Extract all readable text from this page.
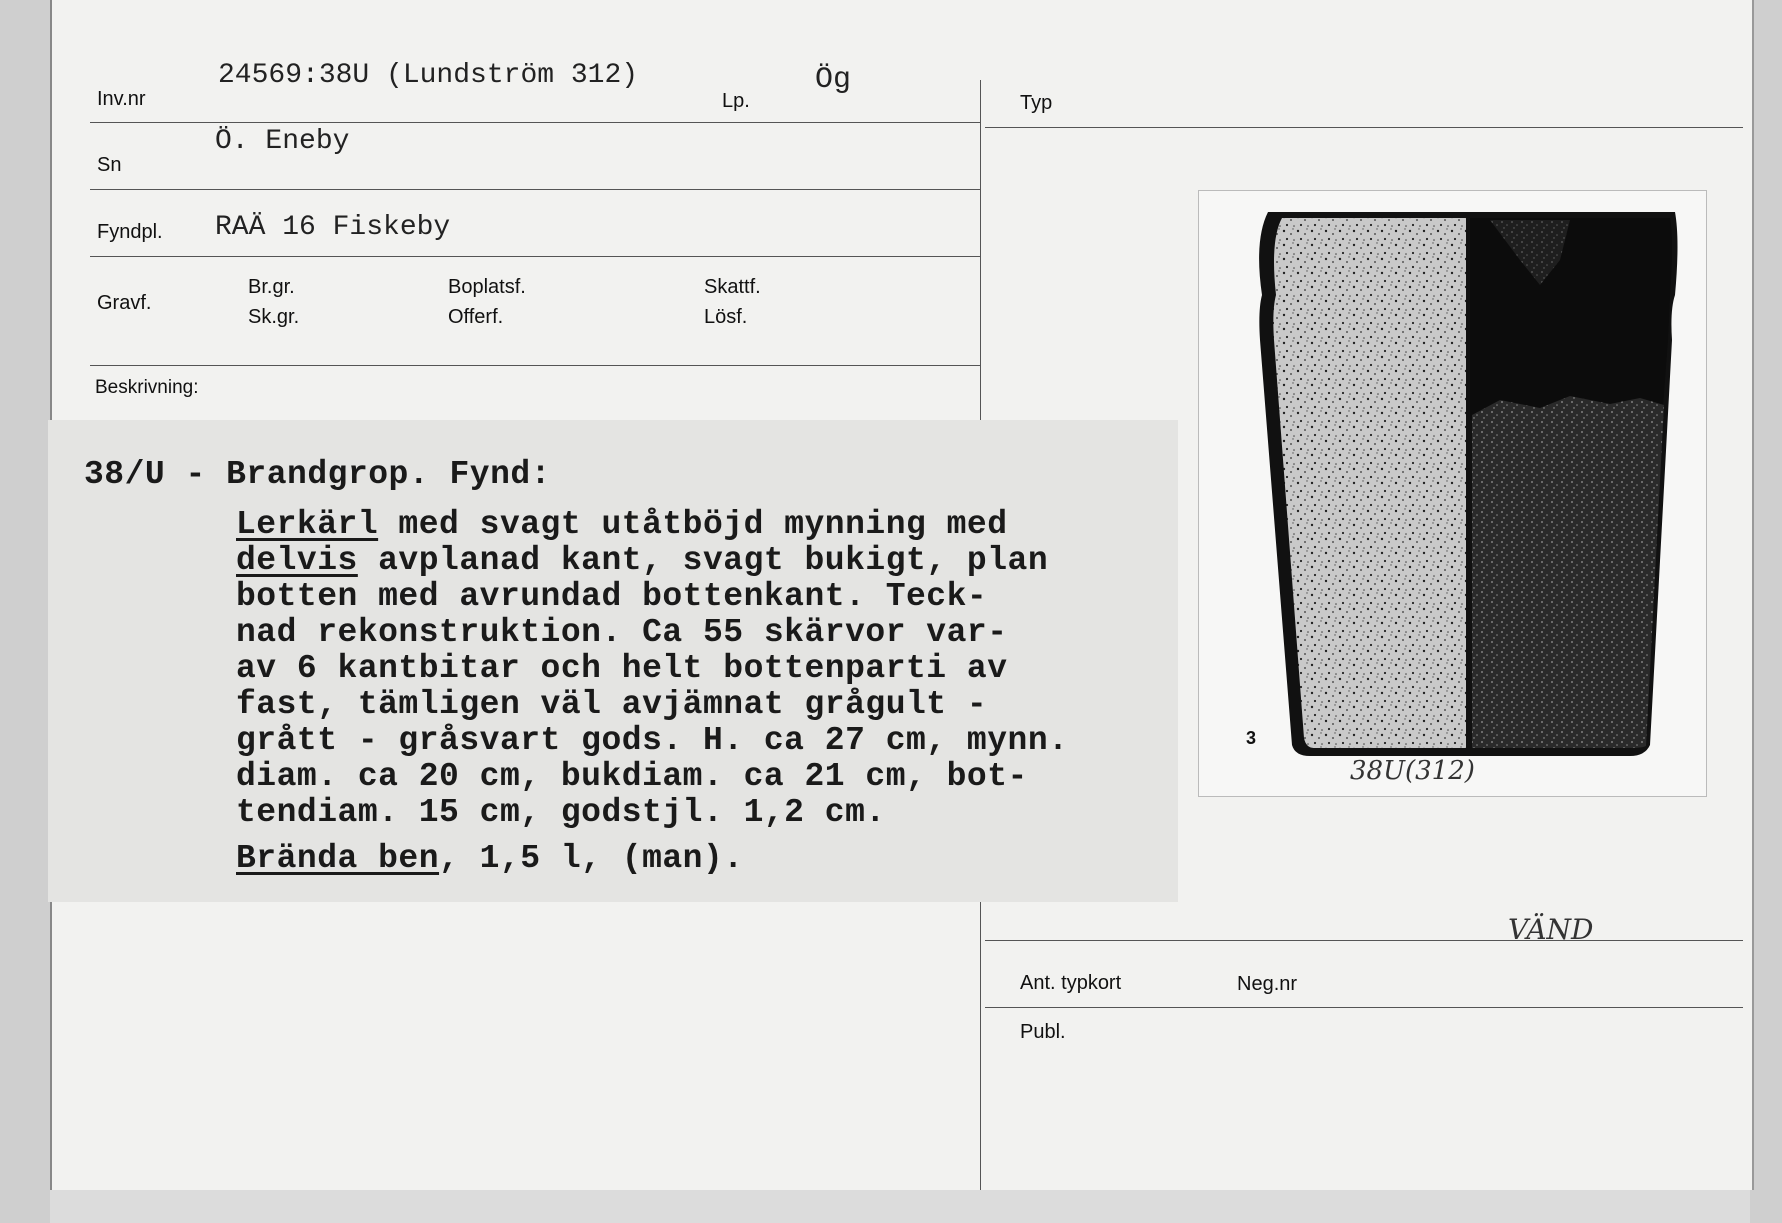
Inv.nr
24569:38U (Lundström 312)
Lp.
Ög
Typ
Sn
Ö. Eneby
Fyndpl. RAÄ 16 Fiskeby
Gravf.
Br.gr.
Sk.gr.
Boplatsf.
Offerf.
Skattf.
Lösf.
Beskrivning:
38/U - Brandgrop. Fynd:
Lerkärl med svagt utåtböjd mynning med
delvis avplanad kant, svagt bukigt, plan
botten med avrundad bottenkant. Teck-
nad rekonstruktion. Ca 55 skärvor var-
av 6 kantbitar och helt bottenparti av
fast, tämligen väl avjämnat grågult -
grått - gråsvart gods. H. ca 27 cm, mynn.
diam. ca 20 cm, bukdiam. ca 21 cm, bot-
tendiam. 15 cm, godstjl. 1,2 cm.
Brända ben, 1,5 l, (man).
3
38U(312)
VÄND
Ant. typkort	Neg.nr
Publ.
